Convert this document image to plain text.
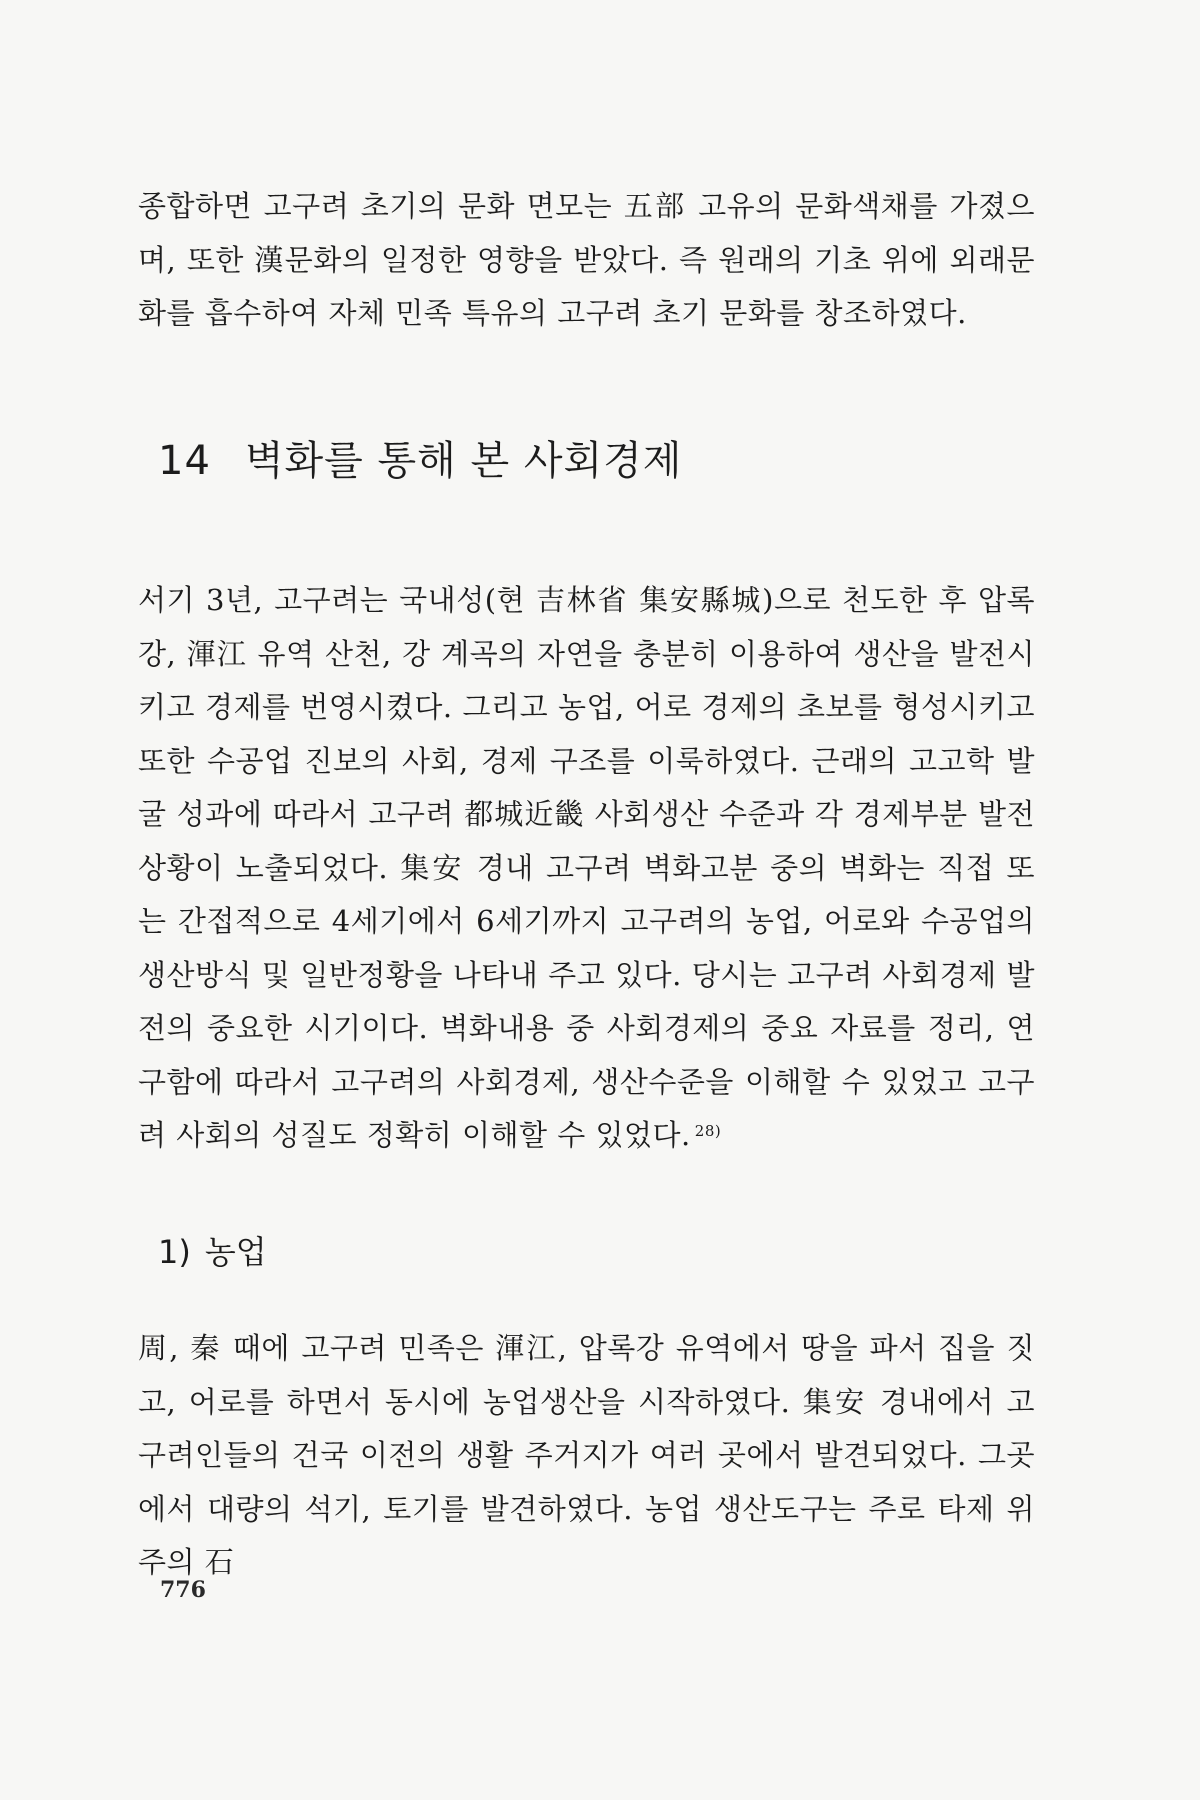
종합하면 고구려 초기의 문화 면모는 五部 고유의 문화색채를 가졌으며, 또한 漢문화의 일정한 영향을 받았다. 즉 원래의 기초 위에 외래문화를 흡수하여 자체 민족 특유의 고구려 초기 문화를 창조하였다.

14 벽화를 통해 본 사회경제

서기 3년, 고구려는 국내성(현 吉林省 集安縣城)으로 천도한 후 압록강, 渾江 유역 산천, 강 계곡의 자연을 충분히 이용하여 생산을 발전시키고 경제를 번영시켰다. 그리고 농업, 어로 경제의 초보를 형성시키고 또한 수공업 진보의 사회, 경제 구조를 이룩하였다. 근래의 고고학 발굴 성과에 따라서 고구려 都城近畿 사회생산 수준과 각 경제부분 발전상황이 노출되었다. 集安 경내 고구려 벽화고분 중의 벽화는 직접 또는 간접적으로 4세기에서 6세기까지 고구려의 농업, 어로와 수공업의 생산방식 및 일반정황을 나타내 주고 있다. 당시는 고구려 사회경제 발전의 중요한 시기이다. 벽화내용 중 사회경제의 중요 자료를 정리, 연구함에 따라서 고구려의 사회경제, 생산수준을 이해할 수 있었고 고구려 사회의 성질도 정확히 이해할 수 있었다. $^{28)}$

1) 농업

周, 秦 때에 고구려 민족은 渾江, 압록강 유역에서 땅을 파서 집을 짓고, 어로를 하면서 동시에 농업생산을 시작하였다. 集安 경내에서 고구려인들의 건국 이전의 생활 주거지가 여러 곳에서 발견되었다. 그곳에서 대량의 석기, 토기를 발견하였다. 농업 생산도구는 주로 타제 위주의 石

776
